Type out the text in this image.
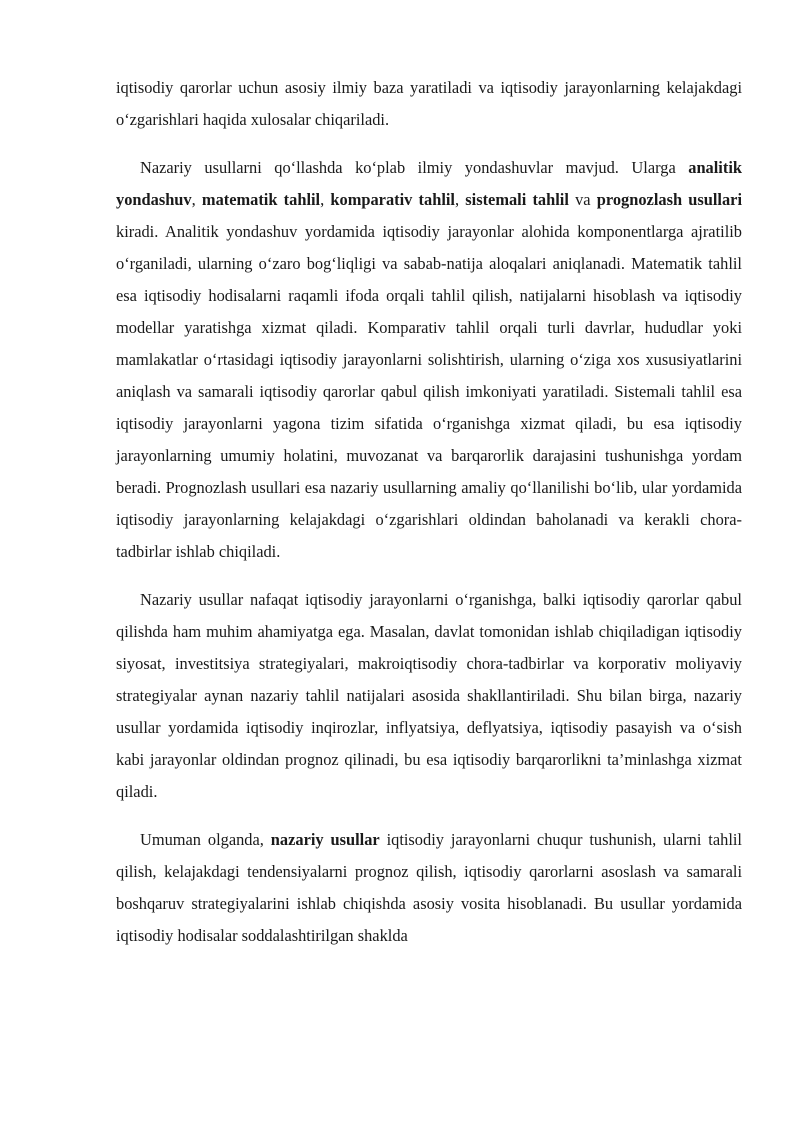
iqtisodiy qarorlar uchun asosiy ilmiy baza yaratiladi va iqtisodiy jarayonlarning kelajakdagi o‘zgarishlari haqida xulosalar chiqariladi.

Nazariy usullarni qo‘llashda ko‘plab ilmiy yondashuvlar mavjud. Ularga analitik yondashuv, matematik tahlil, komparativ tahlil, sistemali tahlil va prognozlash usullari kiradi. Analitik yondashuv yordamida iqtisodiy jarayonlar alohida komponentlarga ajratilib o‘rganiladi, ularning o‘zaro bog‘liqligi va sabab-natija aloqalari aniqlanadi. Matematik tahlil esa iqtisodiy hodisalarni raqamli ifoda orqali tahlil qilish, natijalarni hisoblash va iqtisodiy modellar yaratishga xizmat qiladi. Komparativ tahlil orqali turli davrlar, hududlar yoki mamlakatlar o‘rtasidagi iqtisodiy jarayonlarni solishtirish, ularning o‘ziga xos xususiyatlarini aniqlash va samarali iqtisodiy qarorlar qabul qilish imkoniyati yaratiladi. Sistemali tahlil esa iqtisodiy jarayonlarni yagona tizim sifatida o‘rganishga xizmat qiladi, bu esa iqtisodiy jarayonlarning umumiy holatini, muvozanat va barqarorlik darajasini tushunishga yordam beradi. Prognozlash usullari esa nazariy usullarning amaliy qo‘llanilishi bo‘lib, ular yordamida iqtisodiy jarayonlarning kelajakdagi o‘zgarishlari oldindan baholanadi va kerakli chora-tadbirlar ishlab chiqiladi.

Nazariy usullar nafaqat iqtisodiy jarayonlarni o‘rganishga, balki iqtisodiy qarorlar qabul qilishda ham muhim ahamiyatga ega. Masalan, davlat tomonidan ishlab chiqiladigan iqtisodiy siyosat, investitsiya strategiyalari, makroiqtisodiy chora-tadbirlar va korporativ moliyaviy strategiyalar aynan nazariy tahlil natijalari asosida shakllantiriladi. Shu bilan birga, nazariy usullar yordamida iqtisodiy inqirozlar, inflyatsiya, deflyatsiya, iqtisodiy pasayish va o‘sish kabi jarayonlar oldindan prognoz qilinadi, bu esa iqtisodiy barqarorlikni ta’minlashga xizmat qiladi.

Umuman olganda, nazariy usullar iqtisodiy jarayonlarni chuqur tushunish, ularni tahlil qilish, kelajakdagi tendensiyalarni prognoz qilish, iqtisodiy qarorlarni asoslash va samarali boshqaruv strategiyalarini ishlab chiqishda asosiy vosita hisoblanadi. Bu usullar yordamida iqtisodiy hodisalar soddalashtirilgan shaklda
